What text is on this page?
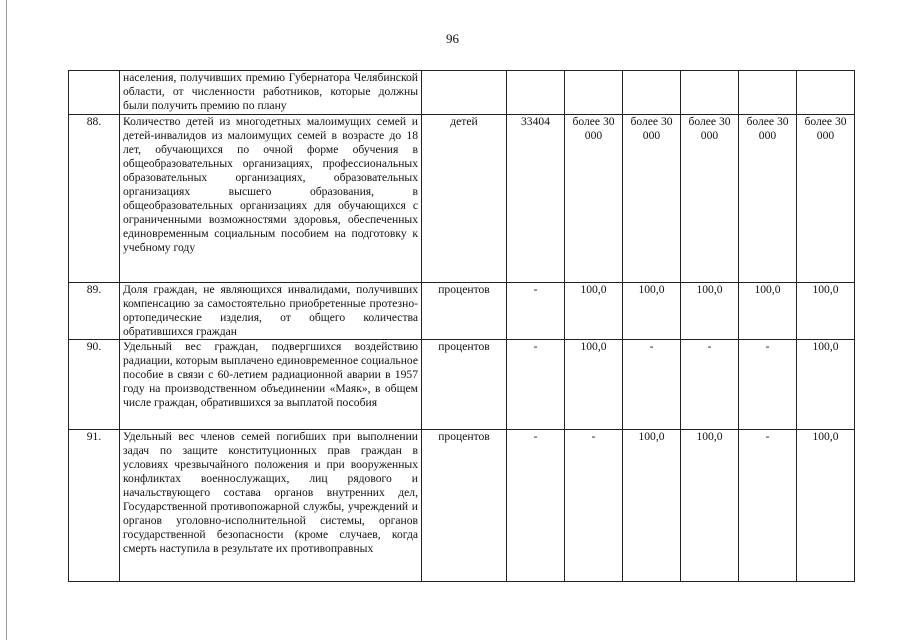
96
	населения, получивших премию Губернатора Челябинской области, от численности работников, которые должны были получить премию по плану							
88.	Количество детей из многодетных малоимущих семей и детей-инвалидов из малоимущих семей в возрасте до 18 лет, обучающихся по очной форме обучения в общеобразовательных организациях, профессиональных образовательных организациях, образовательных организациях высшего образования, в общеобразовательных организациях для обучающихся с ограниченными возможностями здоровья, обеспеченных единовременным социальным пособием на подготовку к учебному году	детей	33404	более 30 000	более 30 000	более 30 000	более 30 000	более 30 000
89.	Доля граждан, не являющихся инвалидами, получивших компенсацию за самостоятельно приобретенные протезно-ортопедические изделия, от общего количества обратившихся граждан	процентов	-	100,0	100,0	100,0	100,0	100,0
90.	Удельный вес граждан, подвергшихся воздействию радиации, которым выплачено единовременное социальное пособие в связи с 60-летием радиационной аварии в 1957 году на производственном объединении «Маяк», в общем числе граждан, обратившихся за выплатой пособия	процентов	-	100,0	-	-	-	100,0
91.	Удельный вес членов семей погибших при выполнении задач по защите конституционных прав граждан в условиях чрезвычайного положения и при вооруженных конфликтах военнослужащих, лиц рядового и начальствующего состава органов внутренних дел, Государственной противопожарной службы, учреждений и органов уголовно-исполнительной системы, органов государственной безопасности (кроме случаев, когда смерть наступила в результате их противоправных	процентов	-	-	100,0	100,0	-	100,0
